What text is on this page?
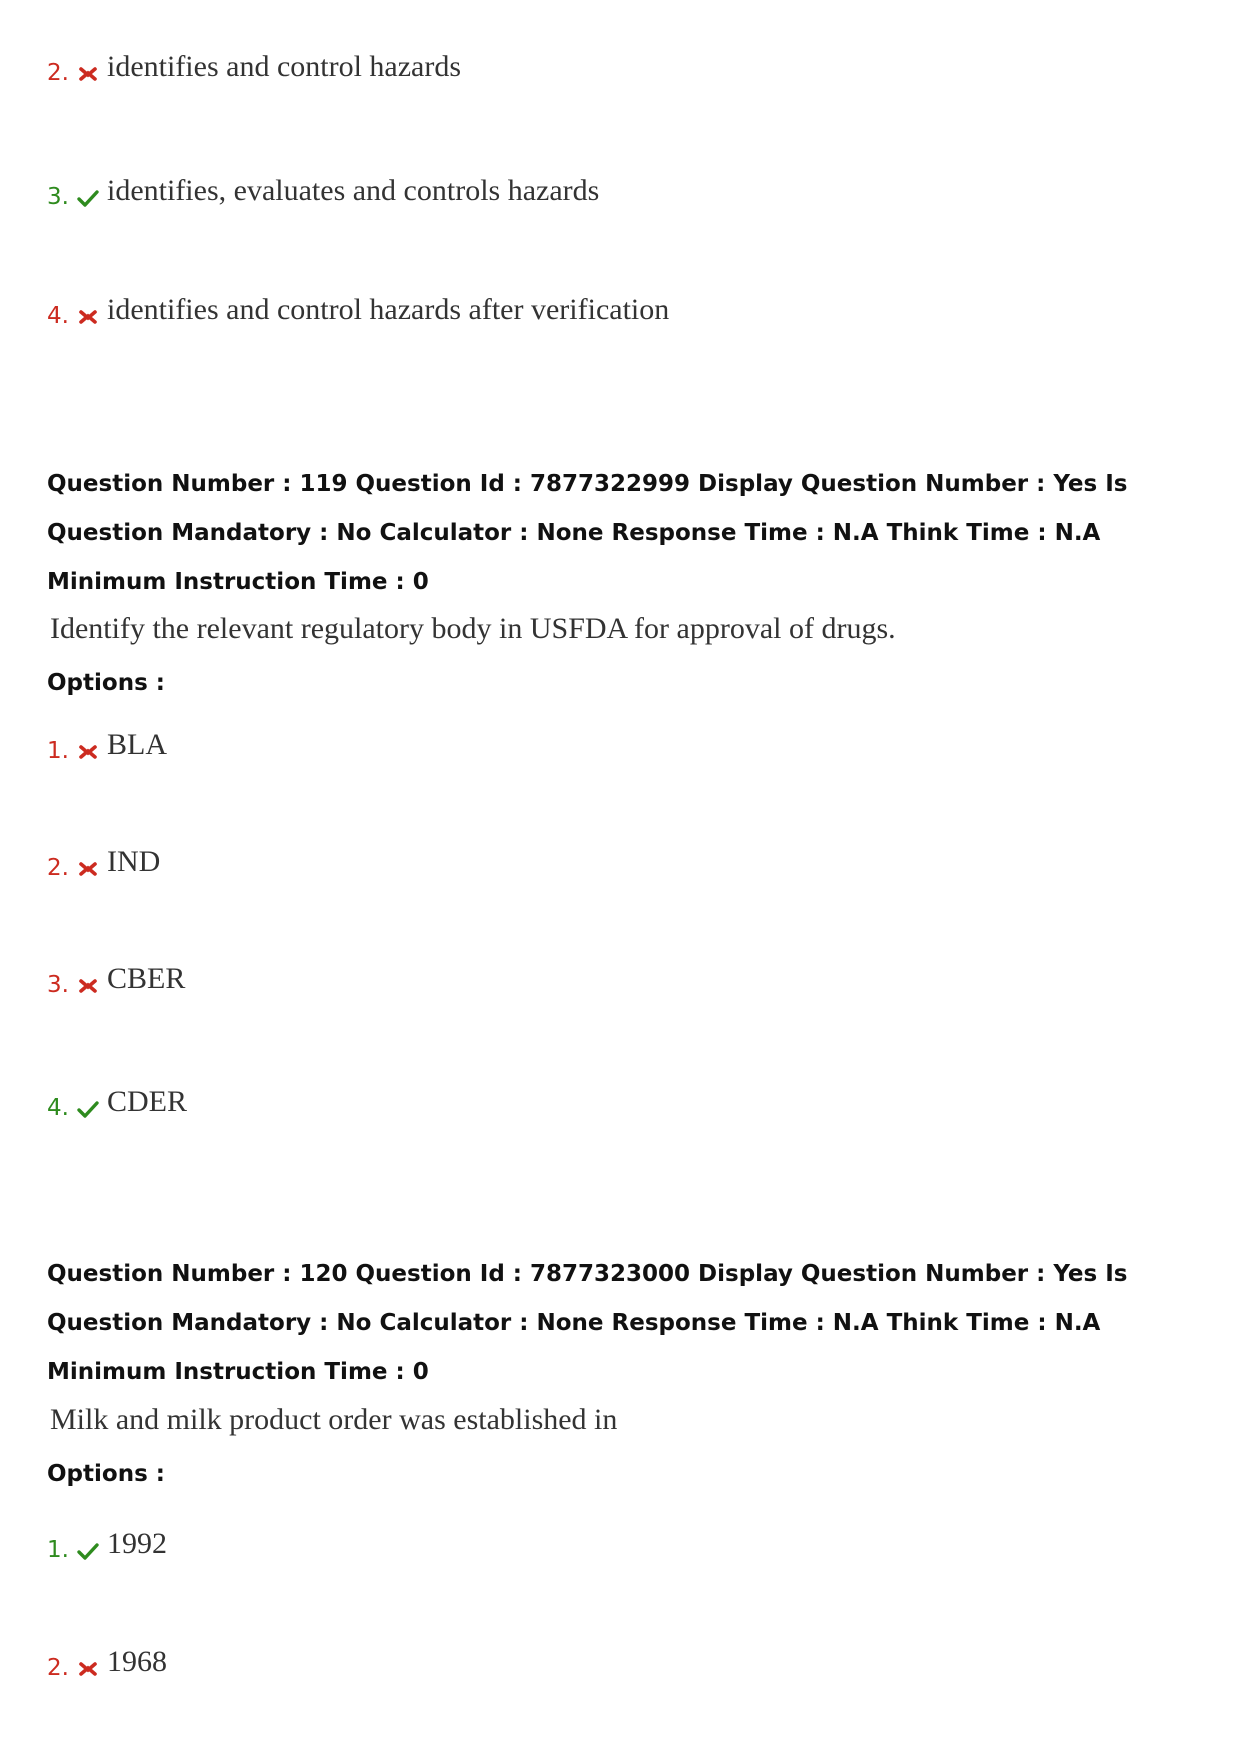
2. identifies and control hazards
3. identifies, evaluates and controls hazards
4. identifies and control hazards after verification

Question Number : 119 Question Id : 7877322999 Display Question Number : Yes Is Question Mandatory : No Calculator : None Response Time : N.A Think Time : N.A Minimum Instruction Time : 0

Identify the relevant regulatory body in USFDA for approval of drugs.
Options :
1. BLA
2. IND
3. CBER
4. CDER

Question Number : 120 Question Id : 7877323000 Display Question Number : Yes Is Question Mandatory : No Calculator : None Response Time : N.A Think Time : N.A Minimum Instruction Time : 0

Milk and milk product order was established in
Options :
1. 1992
2. 1968
